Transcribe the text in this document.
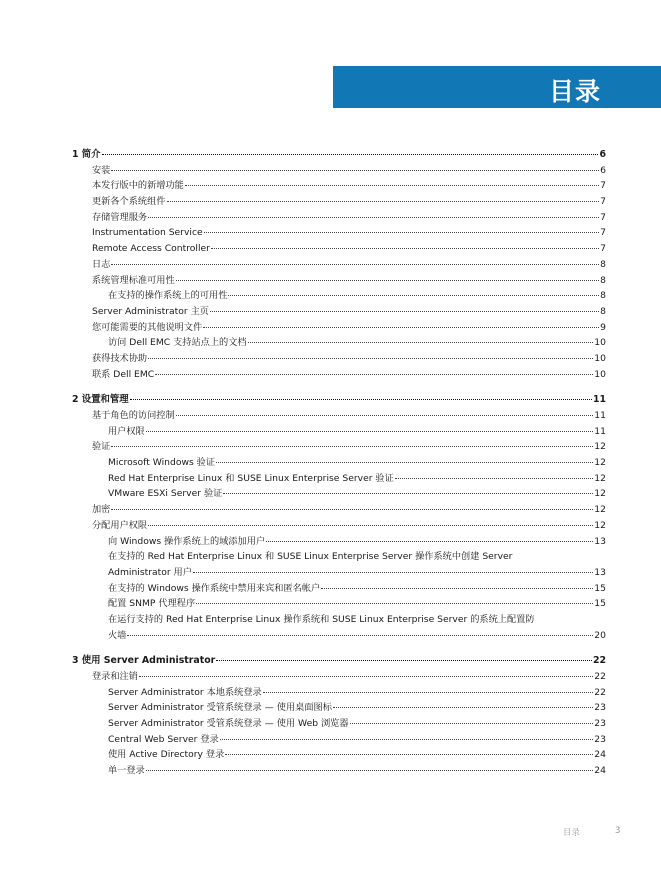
目录
1 简介	6
安装	6
本发行版中的新增功能	7
更新各个系统组件	7
存储管理服务	7
Instrumentation Service	7
Remote Access Controller	7
日志	8
系统管理标准可用性	8
在支持的操作系统上的可用性	8
Server Administrator 主页	8
您可能需要的其他说明文件	9
访问 Dell EMC 支持站点上的文档	10
获得技术协助	10
联系 Dell EMC	10
2 设置和管理	11
基于角色的访问控制	11
用户权限	11
验证	12
Microsoft Windows 验证	12
Red Hat Enterprise Linux 和 SUSE Linux Enterprise Server 验证	12
VMware ESXi Server 验证	12
加密	12
分配用户权限	12
向 Windows 操作系统上的域添加用户	13
在支持的 Red Hat Enterprise Linux 和 SUSE Linux Enterprise Server 操作系统中创建 Server
Administrator 用户	13
在支持的 Windows 操作系统中禁用来宾和匿名帐户	15
配置 SNMP 代理程序	15
在运行支持的 Red Hat Enterprise Linux 操作系统和 SUSE Linux Enterprise Server 的系统上配置防
火墙	20
3 使用 Server Administrator	22
登录和注销	22
Server Administrator 本地系统登录	22
Server Administrator 受管系统登录 — 使用桌面图标	23
Server Administrator 受管系统登录 — 使用 Web 浏览器	23
Central Web Server 登录	23
使用 Active Directory 登录	24
单一登录	24
目录	3
